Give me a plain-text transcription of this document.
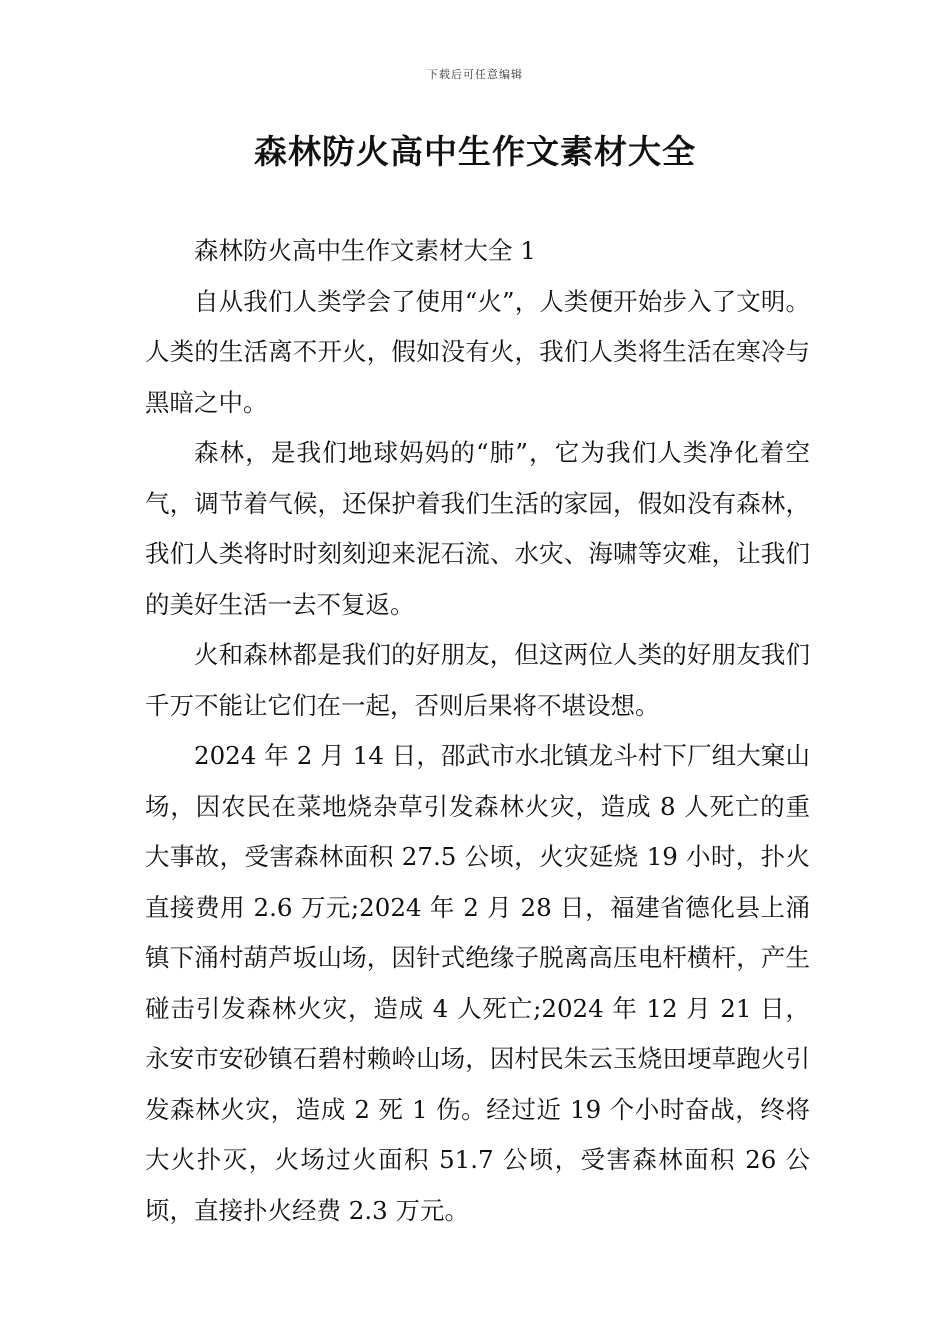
下载后可任意编辑
森林防火高中生作文素材大全

森林防火高中生作文素材大全 1

自从我们人类学会了使用“火”，人类便开始步入了文明。人类的生活离不开火，假如没有火，我们人类将生活在寒冷与黑暗之中。

森林，是我们地球妈妈的“肺”，它为我们人类净化着空气，调节着气候，还保护着我们生活的家园，假如没有森林，我们人类将时时刻刻迎来泥石流、水灾、海啸等灾难，让我们的美好生活一去不复返。

火和森林都是我们的好朋友，但这两位人类的好朋友我们千万不能让它们在一起，否则后果将不堪设想。

2024 年 2 月 14 日，邵武市水北镇龙斗村下厂组大窠山场，因农民在菜地烧杂草引发森林火灾，造成 8 人死亡的重大事故，受害森林面积 27.5 公顷，火灾延烧 19 小时，扑火直接费用 2.6 万元;2024 年 2 月 28 日，福建省德化县上涌镇下涌村葫芦坂山场，因针式绝缘子脱离高压电杆横杆，产生碰击引发森林火灾，造成 4 人死亡;2024 年 12 月 21 日，永安市安砂镇石碧村赖岭山场，因村民朱云玉烧田埂草跑火引发森林火灾，造成 2 死 1 伤。经过近 19 个小时奋战，终将大火扑灭，火场过火面积 51.7 公顷，受害森林面积 26 公顷，直接扑火经费 2.3 万元。
